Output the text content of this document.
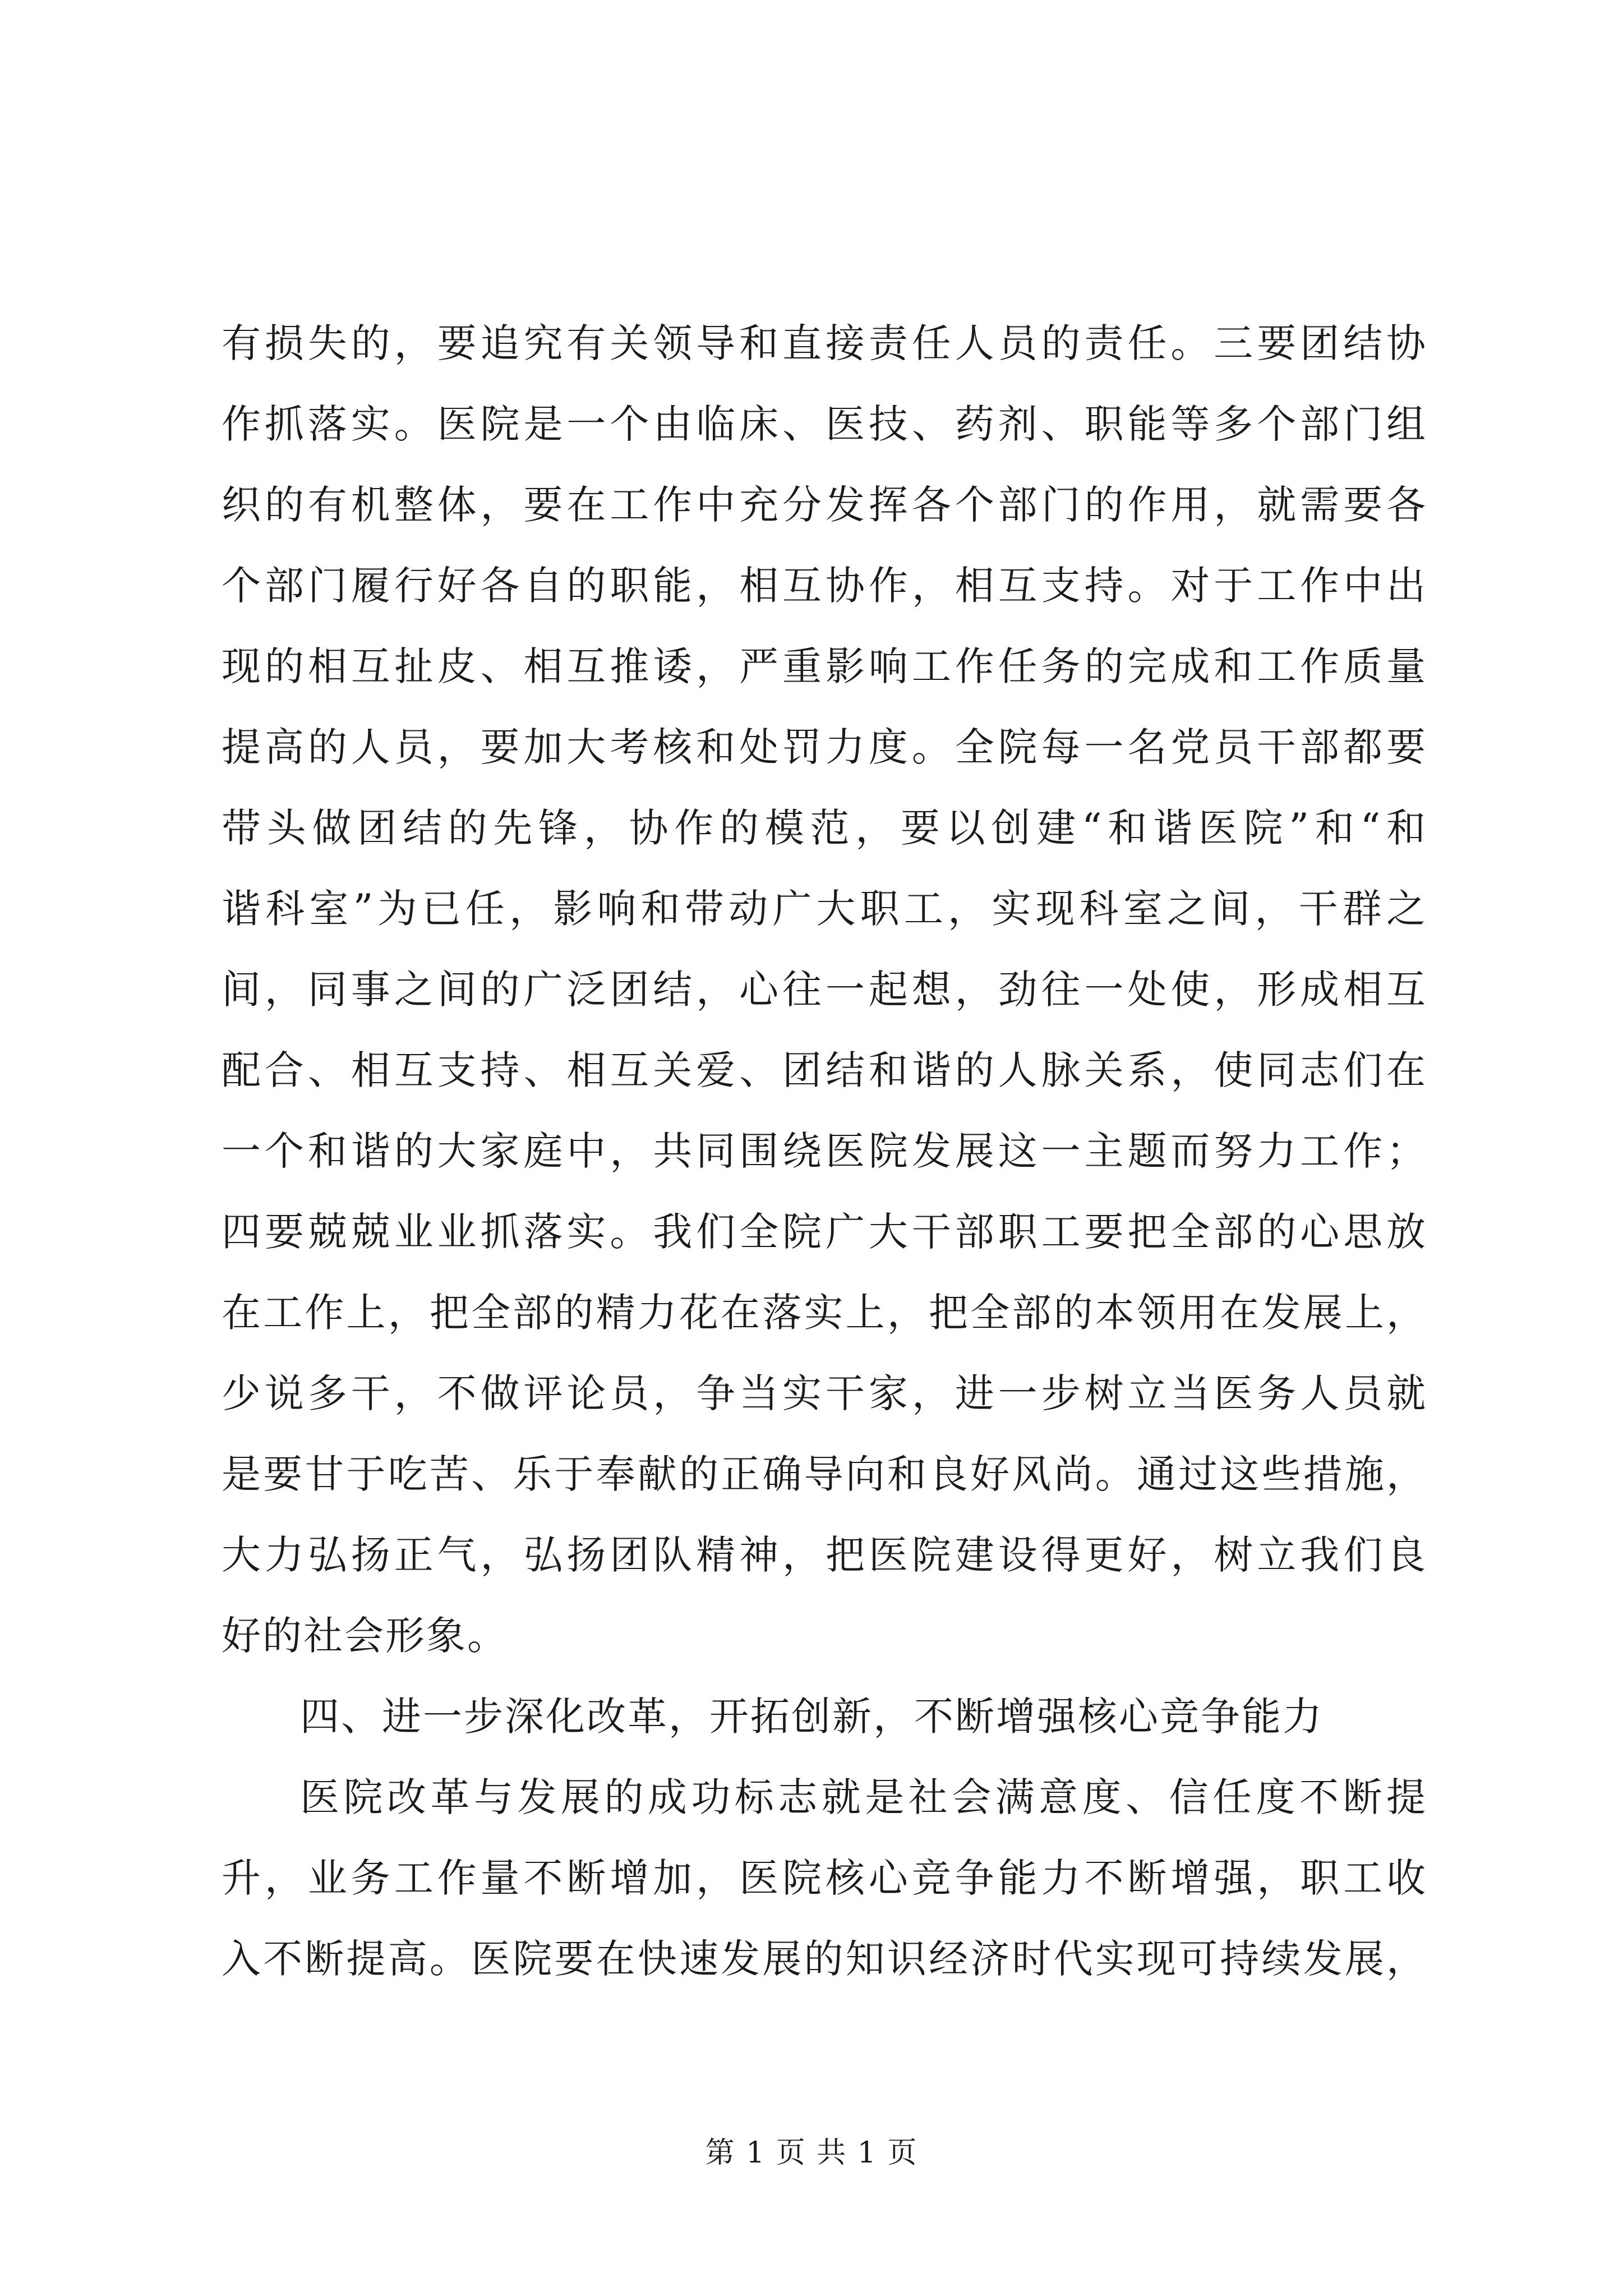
有损失的，要追究有关领导和直接责任人员的责任。三要团结协
作抓落实。医院是一个由临床、医技、药剂、职能等多个部门组
织的有机整体，要在工作中充分发挥各个部门的作用，就需要各
个部门履行好各自的职能，相互协作，相互支持。对于工作中出
现的相互扯皮、相互推诿，严重影响工作任务的完成和工作质量
提高的人员，要加大考核和处罚力度。全院每一名党员干部都要
带头做团结的先锋，协作的模范，要以创建“和谐医院”和“和
谐科室”为已任，影响和带动广大职工，实现科室之间，干群之
间，同事之间的广泛团结，心往一起想，劲往一处使，形成相互
配合、相互支持、相互关爱、团结和谐的人脉关系，使同志们在
一个和谐的大家庭中，共同围绕医院发展这一主题而努力工作；
四要兢兢业业抓落实。我们全院广大干部职工要把全部的心思放
在工作上，把全部的精力花在落实上，把全部的本领用在发展上，
少说多干，不做评论员，争当实干家，进一步树立当医务人员就
是要甘于吃苦、乐于奉献的正确导向和良好风尚。通过这些措施，
大力弘扬正气，弘扬团队精神，把医院建设得更好，树立我们良
好的社会形象。
四、进一步深化改革，开拓创新，不断增强核心竞争能力
医院改革与发展的成功标志就是社会满意度、信任度不断提
升，业务工作量不断增加，医院核心竞争能力不断增强，职工收
入不断提高。医院要在快速发展的知识经济时代实现可持续发展，
第 1 页 共 1 页
